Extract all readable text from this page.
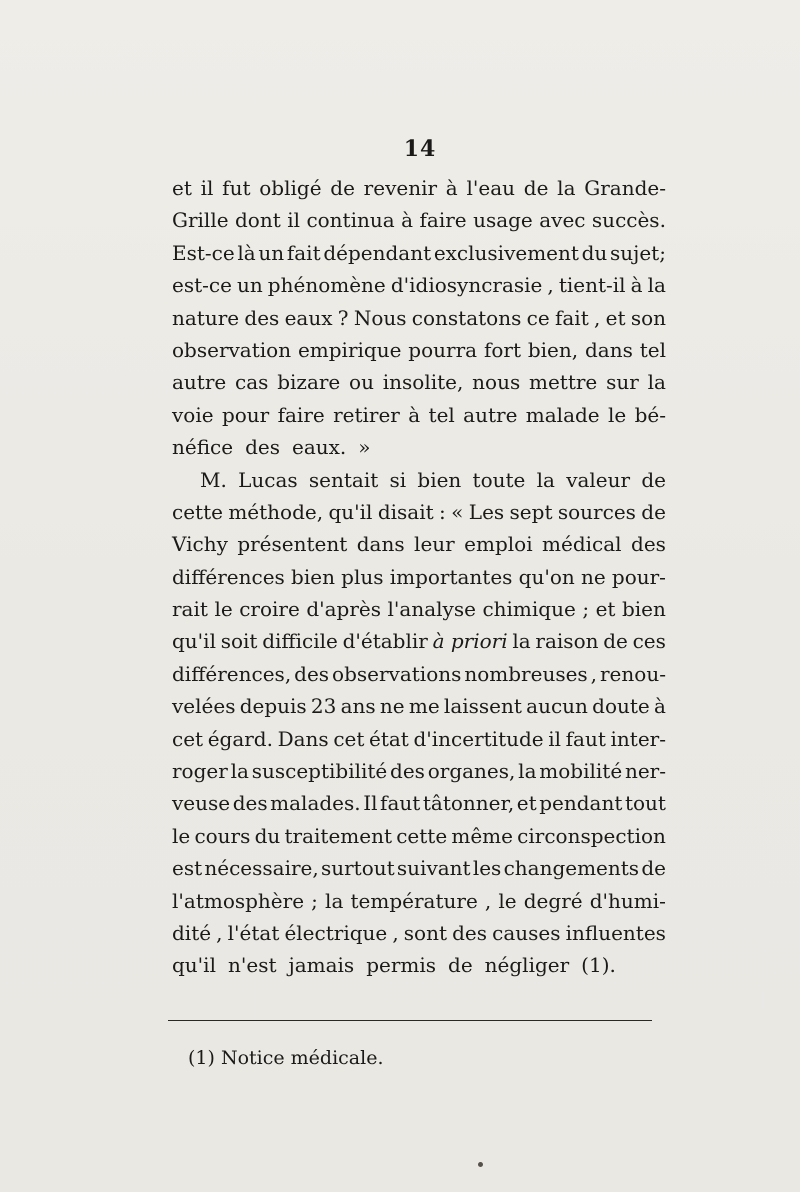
14
et il fut obligé de revenir à l'eau de la Grande-
Grille dont il continua à faire usage avec succès.
Est-ce là un fait dépendant exclusivement du sujet;
est-ce un phénomène d'idiosyncrasie , tient-il à la
nature des eaux ? Nous constatons ce fait , et son
observation empirique pourra fort bien, dans tel
autre cas bizare ou insolite, nous mettre sur la
voie pour faire retirer à tel autre malade le bé-
néfice des eaux. »
M. Lucas sentait si bien toute la valeur de
cette méthode, qu'il disait : « Les sept sources de
Vichy présentent dans leur emploi médical des
différences bien plus importantes qu'on ne pour-
rait le croire d'après l'analyse chimique ; et bien
qu'il soit difficile d'établir à priori la raison de ces
différences, des observations nombreuses , renou-
velées depuis 23 ans ne me laissent aucun doute à
cet égard. Dans cet état d'incertitude il faut inter-
roger la susceptibilité des organes, la mobilité ner-
veuse des malades. Il faut tâtonner, et pendant tout
le cours du traitement cette même circonspection
est nécessaire, surtout suivant les changements de
l'atmosphère ; la température , le degré d'humi-
dité , l'état électrique , sont des causes influentes
qu'il n'est jamais permis de négliger (1).
(1) Notice médicale.
